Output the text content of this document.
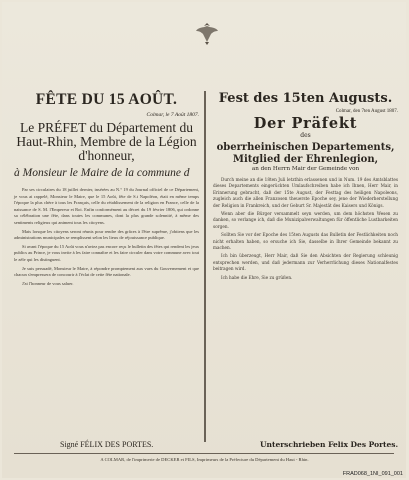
FÊTE DU 15 AOÛT.
Colmar, le 7 Août 1807.
Le PRÉFET du Département du Haut-Rhin, Membre de la Légion d'honneur,
à Monsieur le Maire de la commune d

Par ses circulaires du 18 juillet dernier, insérées au N.° 19 du Journal officiel de ce Département, je vous ai rappelé, Monsieur le Maire, que le 15 Août, fête de S.t Napoléon, était en même temps l'époque la plus chère à tous les Français, celle du rétablissement de la religion en France, celle de la naissance de S. M. l'Empereur et Roi. Enfin conformément au décret du 19 février 1806, qui ordonne sa célébration une fête, dans toutes les communes, dont la plus grande solennité, à même des sentiments religieux qui animent tous les citoyens.

Mais lorsque les citoyens seront réunis pour rendre des grâces à l'être suprême, j'obtiens que les administrations municipales se remplissent selon les lieux de réjouissance publique.

Si avant l'époque du 15 Août vous n'aviez pas encore reçu le bulletin des fêtes qui rendent les jeux publics au Prince, je vous invite à les faire connaître et les faire circuler dans votre commune avec tout le zèle qui les distinguent.

Je suis persuadé, Monsieur le Maire, à répondre promptement aux vues du Gouvernement et que chacun s'empressera de concourir à l'éclat de cette fête nationale.

J'ai l'honneur de vous saluer.

Fest des 15ten Augusts.
Colmar, den 7ten August 1807.
Der Präfekt
des
oberrheinischen Departements, Mitglied der Ehrenlegion,
an den Herrn Mair der Gemeinde von

Durch meine an die 18ten Juli letzthin erlassenen und in Num. 19 des Amtsblattes dieses Departements eingerückten Umlaufschreiben habe ich Ihnen, Herr Mair, in Erinnerung gebracht, daß der 15te August, der Festtag des heiligen Napoleons, zugleich auch die allen Franzosen theuerste Epoche sey, jene der Wiederherstellung der Religion in Frankreich, und der Geburt Sr. Majestät des Kaisers und Königs.

Wenn aber die Bürger versammelt seyn werden, um dem höchsten Wesen zu danken, so verlange ich, daß die Munizipalverwaltungen für öffentliche Lustbarkeiten sorgen.

Sollten Sie vor der Epoche des 15ten Augusts das Bulletin der Festlichkeiten noch nicht erhalten haben, so ersuche ich Sie, dasselbe in Ihrer Gemeinde bekannt zu machen.

Ich bin überzeugt, Herr Mair, daß Sie den Absichten der Regierung schleunig entsprechen werden, und daß jedermann zur Verherrlichung dieses Nationalfestes beitragen wird.

Ich habe die Ehre, Sie zu grüßen.

Signé FÉLIX DES PORTES.	Unterschrieben Felix Des Portes.
A COLMAR, de l'imprimerie de DECKER et FILS, Imprimeurs de la Préfecture du Département du Haut - Rhin.
FRAD068_1NI_091_001
